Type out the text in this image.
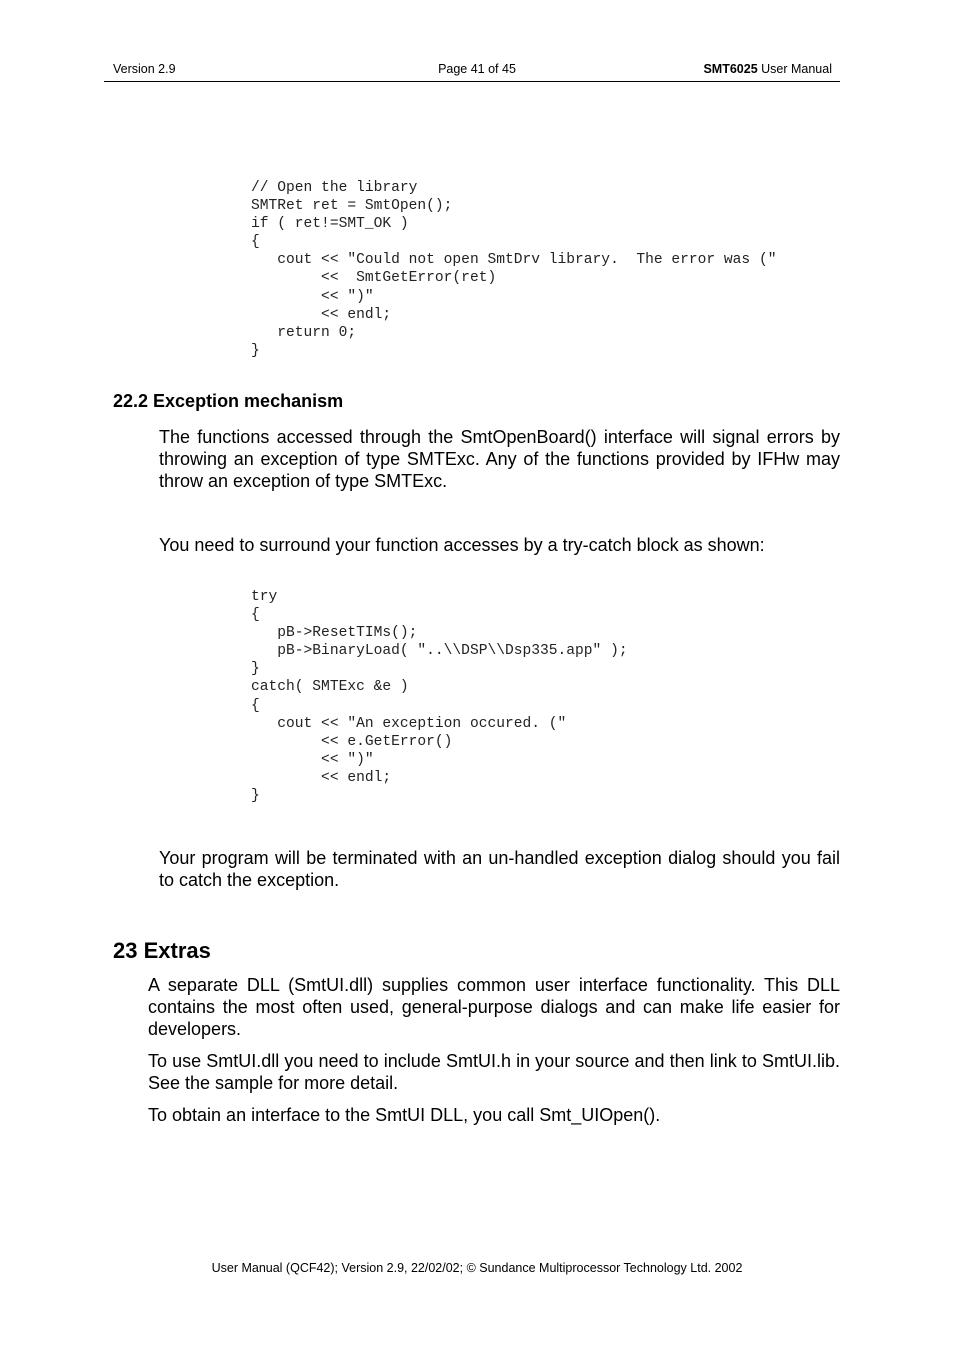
Version 2.9	Page 41 of 45	SMT6025 User Manual
// Open the library
SMTRet ret = SmtOpen();
if ( ret!=SMT_OK )
{
cout << "Could not open SmtDrv library.  The error was ("
<<  SmtGetError(ret)
<< ")"
<< endl;
return 0;
}
22.2 Exception mechanism

The functions accessed through the SmtOpenBoard() interface will signal errors by throwing an exception of type SMTExc. Any of the functions provided by IFHw may throw an exception of type SMTExc.

You need to surround your function accesses by a try-catch block as shown:

try
{
pB->ResetTIMs();
pB->BinaryLoad( "..\\DSP\\Dsp335.app" );
}
catch( SMTExc &e )
{
cout << "An exception occured. ("
<< e.GetError()
<< ")"
<< endl;
}

Your program will be terminated with an un-handled exception dialog should you fail to catch the exception.

23 Extras

A separate DLL (SmtUI.dll) supplies common user interface functionality. This DLL contains the most often used, general-purpose dialogs and can make life easier for developers.

To use SmtUI.dll you need to include SmtUI.h in your source and then link to SmtUI.lib. See the sample for more detail.

To obtain an interface to the SmtUI DLL, you call Smt_UIOpen().

User Manual (QCF42); Version 2.9, 22/02/02; © Sundance Multiprocessor Technology Ltd. 2002
